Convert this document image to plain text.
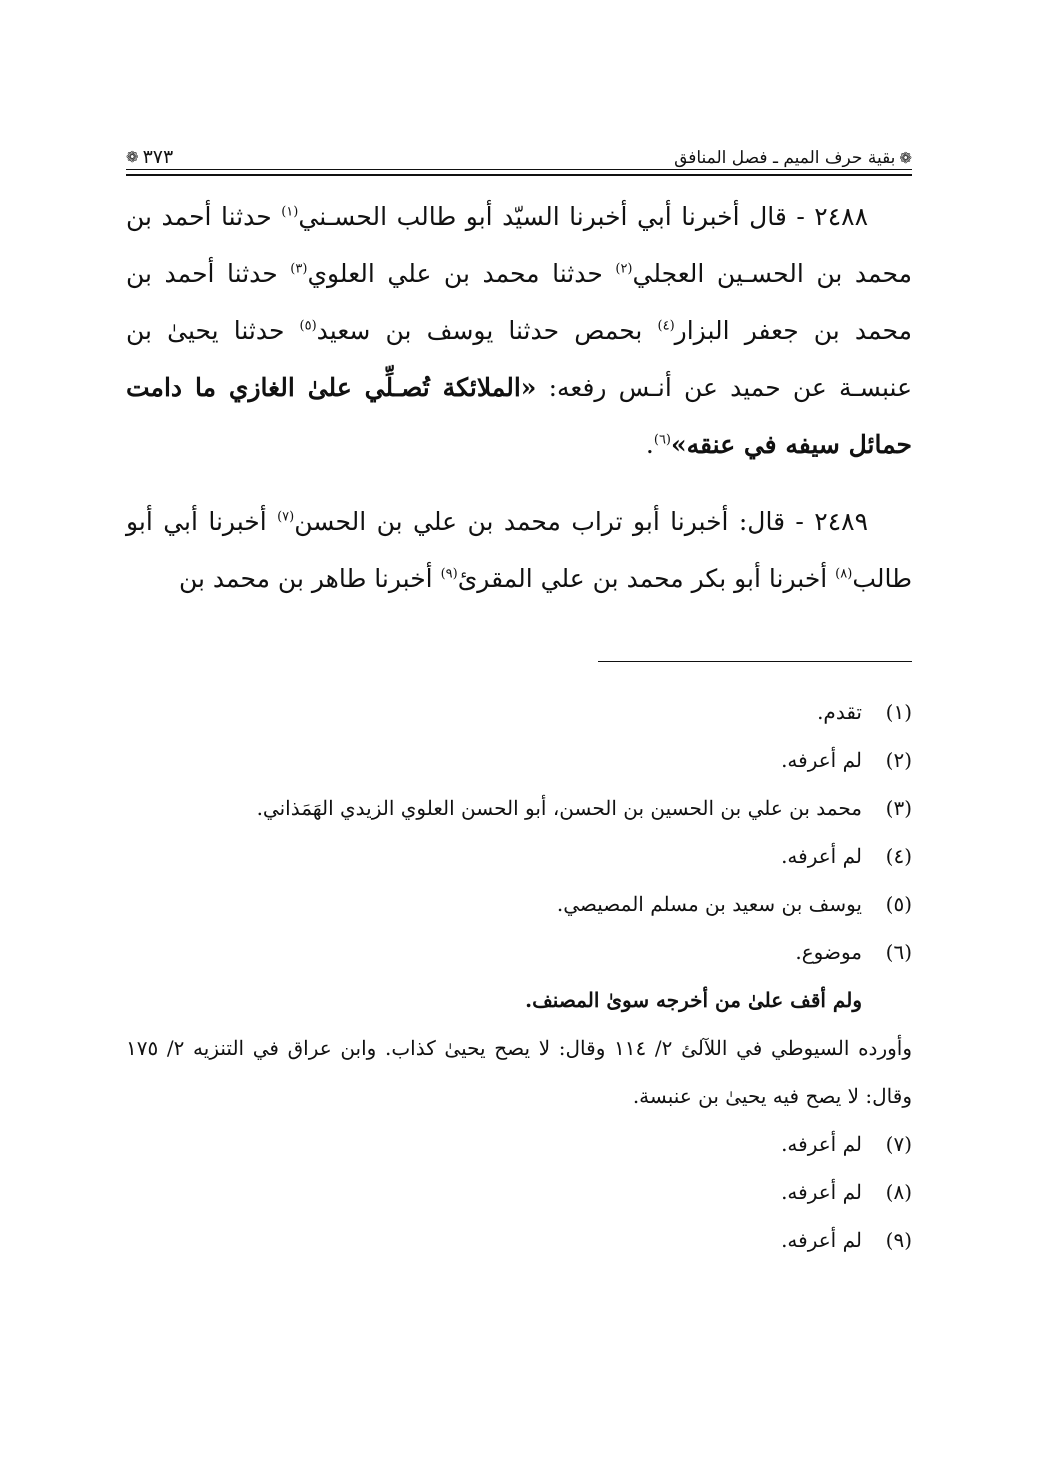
❁
بقية حرف الميم ـ فصل المنافق
٣٧٣
❁

٢٤٨٨ - قال أخبرنا أبي أخبرنا السيّد أبو طالب الحسـني$^{(١)}$ حدثنا أحمد بن محمد بن الحسـين العجلي$^{(٢)}$ حدثنا محمد بن علي العلوي$^{(٣)}$ حدثنا أحمد بن محمد بن جعفر البزار$^{(٤)}$ بحمص حدثنا يوسف بن سعيد$^{(٥)}$ حدثنا يحيىٰ بن عنبسـة عن حميد عن أنـس رفعه: «الملائكة تُصـلِّي علىٰ الغازي ما دامت حمائل سيفه في عنقه»$^{(٦)}$.

٢٤٨٩ - قال: أخبرنا أبو تراب محمد بن علي بن الحسن$^{(٧)}$ أخبرنا أبي أبو طالب$^{(٨)}$ أخبرنا أبو بكر محمد بن علي المقرئ$^{(٩)}$ أخبرنا طاهر بن محمد بن

(١)
تقدم.
(٢)
لم أعرفه.
(٣)
محمد بن علي بن الحسين بن الحسن، أبو الحسن العلوي الزيدي الهَمَذاني.
(٤)
لم أعرفه.
(٥)
يوسف بن سعيد بن مسلم المصيصي.
(٦)
موضوع.
ولم أقف علىٰ من أخرجه سوىٰ المصنف.
وأورده السيوطي في اللآلئ ٢/ ١١٤ وقال: لا يصح يحيىٰ كذاب. وابن عراق في التنزيه ٢/ ١٧٥ وقال: لا يصح فيه يحيىٰ بن عنبسة.
(٧)
لم أعرفه.
(٨)
لم أعرفه.
(٩)
لم أعرفه.
